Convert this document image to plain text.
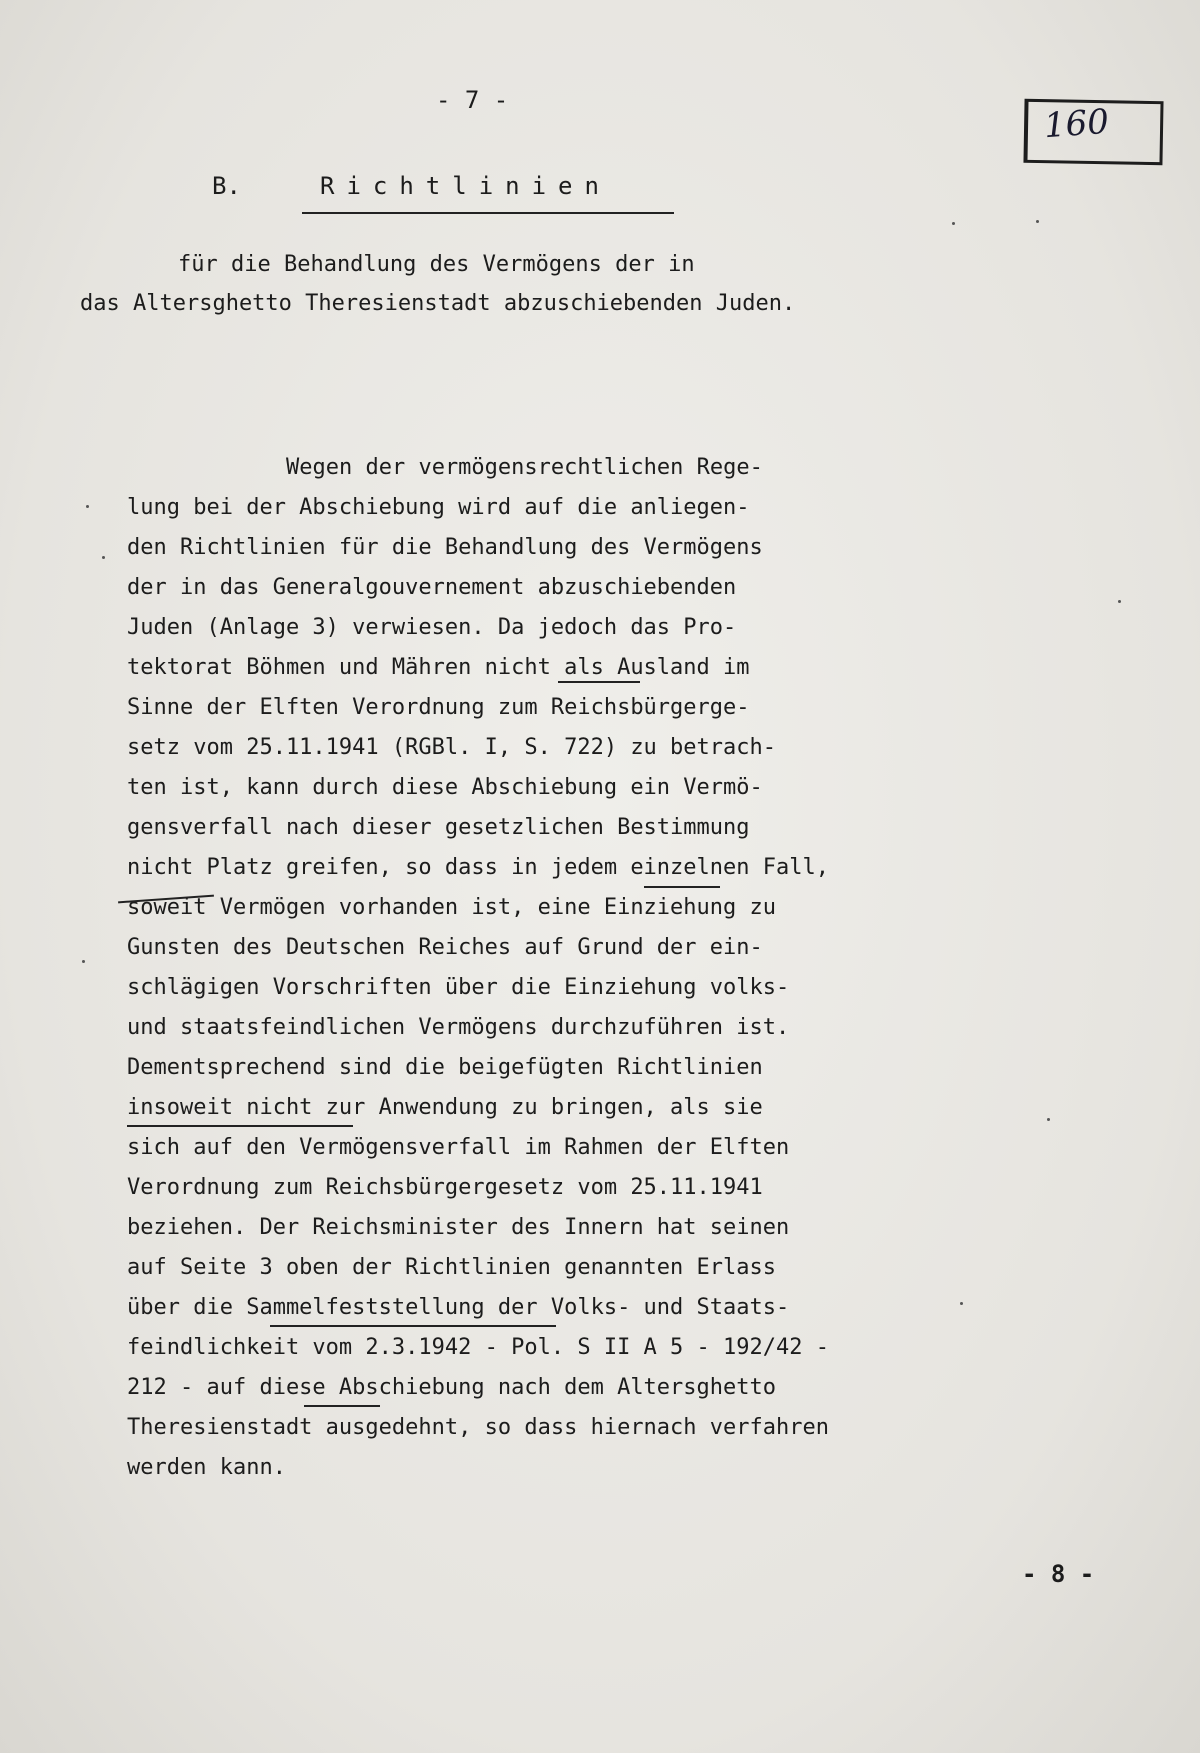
- 7 -
160
B.	Richtlinien
für die Behandlung des Vermögens der in
das Altersghetto Theresienstadt abzuschiebenden Juden.
Wegen der vermögensrechtlichen Rege-
lung bei der Abschiebung wird auf die anliegen-
den Richtlinien für die Behandlung des Vermögens
der in das Generalgouvernement abzuschiebenden
Juden (Anlage 3) verwiesen. Da jedoch das Pro-
tektorat Böhmen und Mähren nicht als Ausland im
Sinne der Elften Verordnung zum Reichsbürgerge-
setz vom 25.11.1941 (RGBl. I, S. 722) zu betrach-
ten ist, kann durch diese Abschiebung ein Vermö-
gensverfall nach dieser gesetzlichen Bestimmung
nicht Platz greifen, so dass in jedem einzelnen Fall,
soweit Vermögen vorhanden ist, eine Einziehung zu
Gunsten des Deutschen Reiches auf Grund der ein-
schlägigen Vorschriften über die Einziehung volks-
und staatsfeindlichen Vermögens durchzuführen ist.
Dementsprechend sind die beigefügten Richtlinien
insoweit nicht zur Anwendung zu bringen, als sie
sich auf den Vermögensverfall im Rahmen der Elften
Verordnung zum Reichsbürgergesetz vom 25.11.1941
beziehen. Der Reichsminister des Innern hat seinen
auf Seite 3 oben der Richtlinien genannten Erlass
über die Sammelfeststellung der Volks- und Staats-
feindlichkeit vom 2.3.1942 - Pol. S II A 5 - 192/42 -
212 - auf diese Abschiebung nach dem Altersghetto
Theresienstadt ausgedehnt, so dass hiernach verfahren
werden kann.
- 8 -
